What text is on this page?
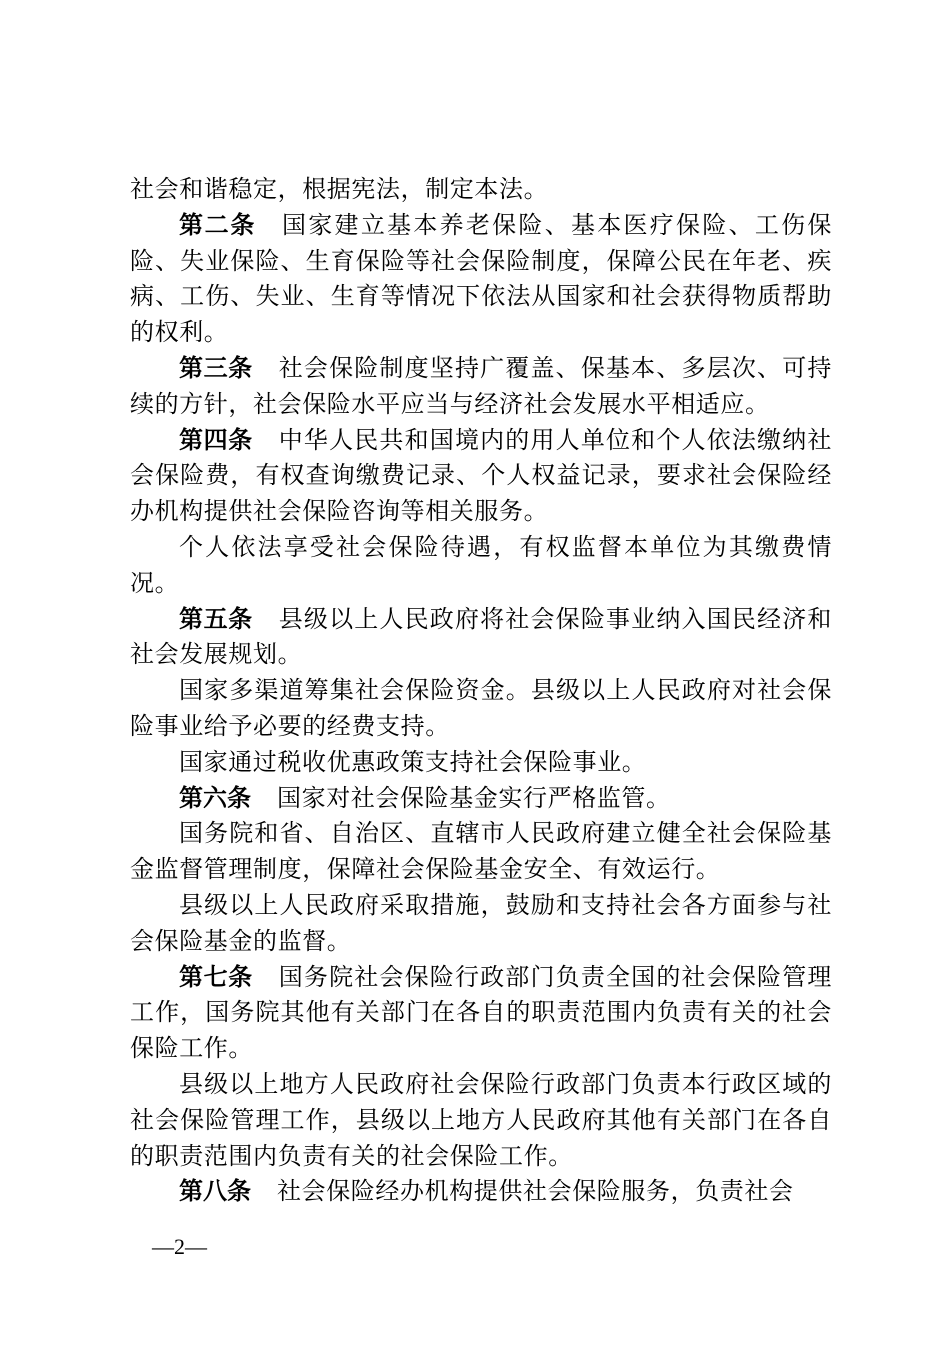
社会和谐稳定，根据宪法，制定本法。

第二条 国家建立基本养老保险、基本医疗保险、工伤保险、失业保险、生育保险等社会保险制度，保障公民在年老、疾病、工伤、失业、生育等情况下依法从国家和社会获得物质帮助的权利。

第三条 社会保险制度坚持广覆盖、保基本、多层次、可持续的方针，社会保险水平应当与经济社会发展水平相适应。

第四条 中华人民共和国境内的用人单位和个人依法缴纳社会保险费，有权查询缴费记录、个人权益记录，要求社会保险经办机构提供社会保险咨询等相关服务。

个人依法享受社会保险待遇，有权监督本单位为其缴费情况。

第五条 县级以上人民政府将社会保险事业纳入国民经济和社会发展规划。

国家多渠道筹集社会保险资金。县级以上人民政府对社会保险事业给予必要的经费支持。

国家通过税收优惠政策支持社会保险事业。

第六条 国家对社会保险基金实行严格监管。

国务院和省、自治区、直辖市人民政府建立健全社会保险基金监督管理制度，保障社会保险基金安全、有效运行。

县级以上人民政府采取措施，鼓励和支持社会各方面参与社会保险基金的监督。

第七条 国务院社会保险行政部门负责全国的社会保险管理工作，国务院其他有关部门在各自的职责范围内负责有关的社会保险工作。

县级以上地方人民政府社会保险行政部门负责本行政区域的社会保险管理工作，县级以上地方人民政府其他有关部门在各自的职责范围内负责有关的社会保险工作。

第八条 社会保险经办机构提供社会保险服务，负责社会

—2—
